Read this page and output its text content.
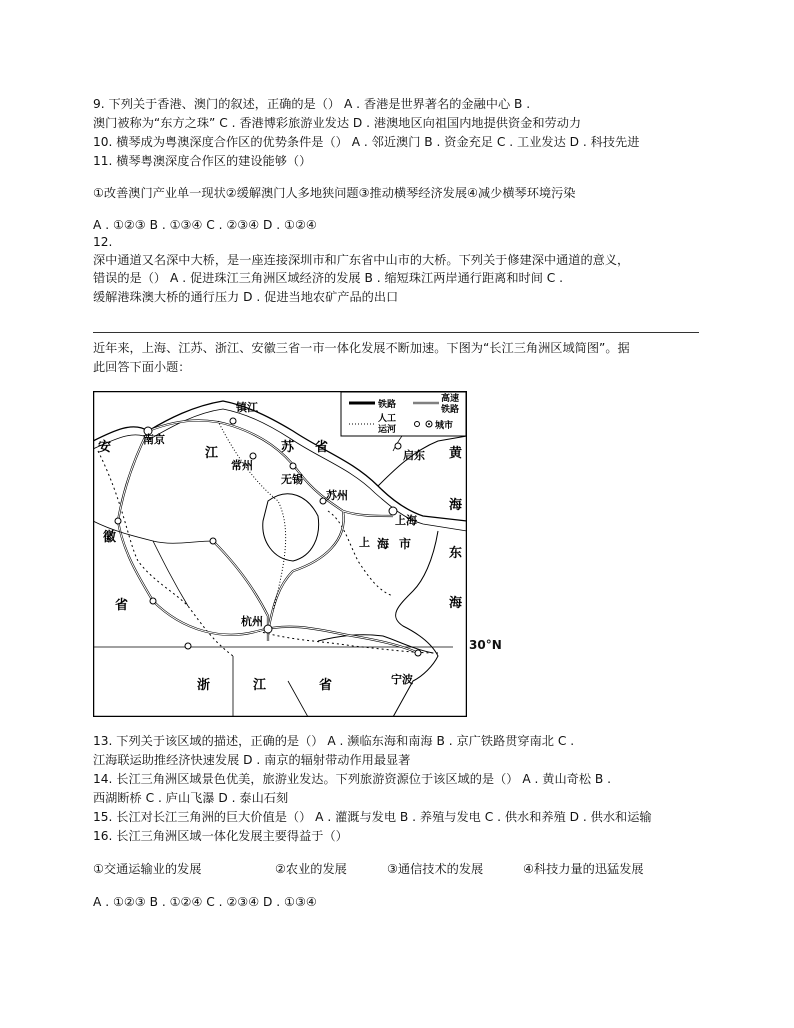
9. 下列关于香港、澳门的叙述，正确的是（） A . 香港是世界著名的金融中心 B .
澳门被称为“东方之珠” C . 香港博彩旅游业发达 D . 港澳地区向祖国内地提供资金和劳动力
10. 横琴成为粤澳深度合作区的优势条件是（） A . 邻近澳门 B . 资金充足 C . 工业发达 D . 科技先进
11. 横琴粤澳深度合作区的建设能够（）
①改善澳门产业单一现状②缓解澳门人多地狭问题③推动横琴经济发展④减少横琴环境污染
A . ①②③ B . ①③④ C . ②③④ D . ①②④
12.
深中通道又名深中大桥，是一座连接深圳市和广东省中山市的大桥。下列关于修建深中通道的意义，
错误的是（） A . 促进珠江三角洲区域经济的发展 B . 缩短珠江两岸通行距离和时间 C .
缓解港珠澳大桥的通行压力 D . 促进当地农矿产品的出口
近年来，上海、江苏、浙江、安徽三省一市一体化发展不断加速。下图为“长江三角洲区域简图”。据
此回答下面小题：
铁路
高速
铁路
人工
运河	城市
南京
镇江
常州
无锡
苏州
上海
启东
杭州
宁波
安
徽
省
江	苏 省
浙	江	省
上 海 市
黄
海
东
海
30°N
13. 下列关于该区域的描述，正确的是（） A . 濒临东海和南海 B . 京广铁路贯穿南北 C .
江海联运助推经济快速发展 D . 南京的辐射带动作用最显著
14. 长江三角洲区域景色优美，旅游业发达。下列旅游资源位于该区域的是（） A . 黄山奇松 B .
西湖断桥 C . 庐山飞瀑 D . 泰山石刻
15. 长江对长江三角洲的巨大价值是（） A . 灌溉与发电 B . 养殖与发电 C . 供水和养殖 D . 供水和运输
16. 长江三角洲区域一体化发展主要得益于（）
①交通运输业的发展	②农业的发展	③通信技术的发展	④科技力量的迅猛发展
A . ①②③ B . ①②④ C . ②③④ D . ①③④
